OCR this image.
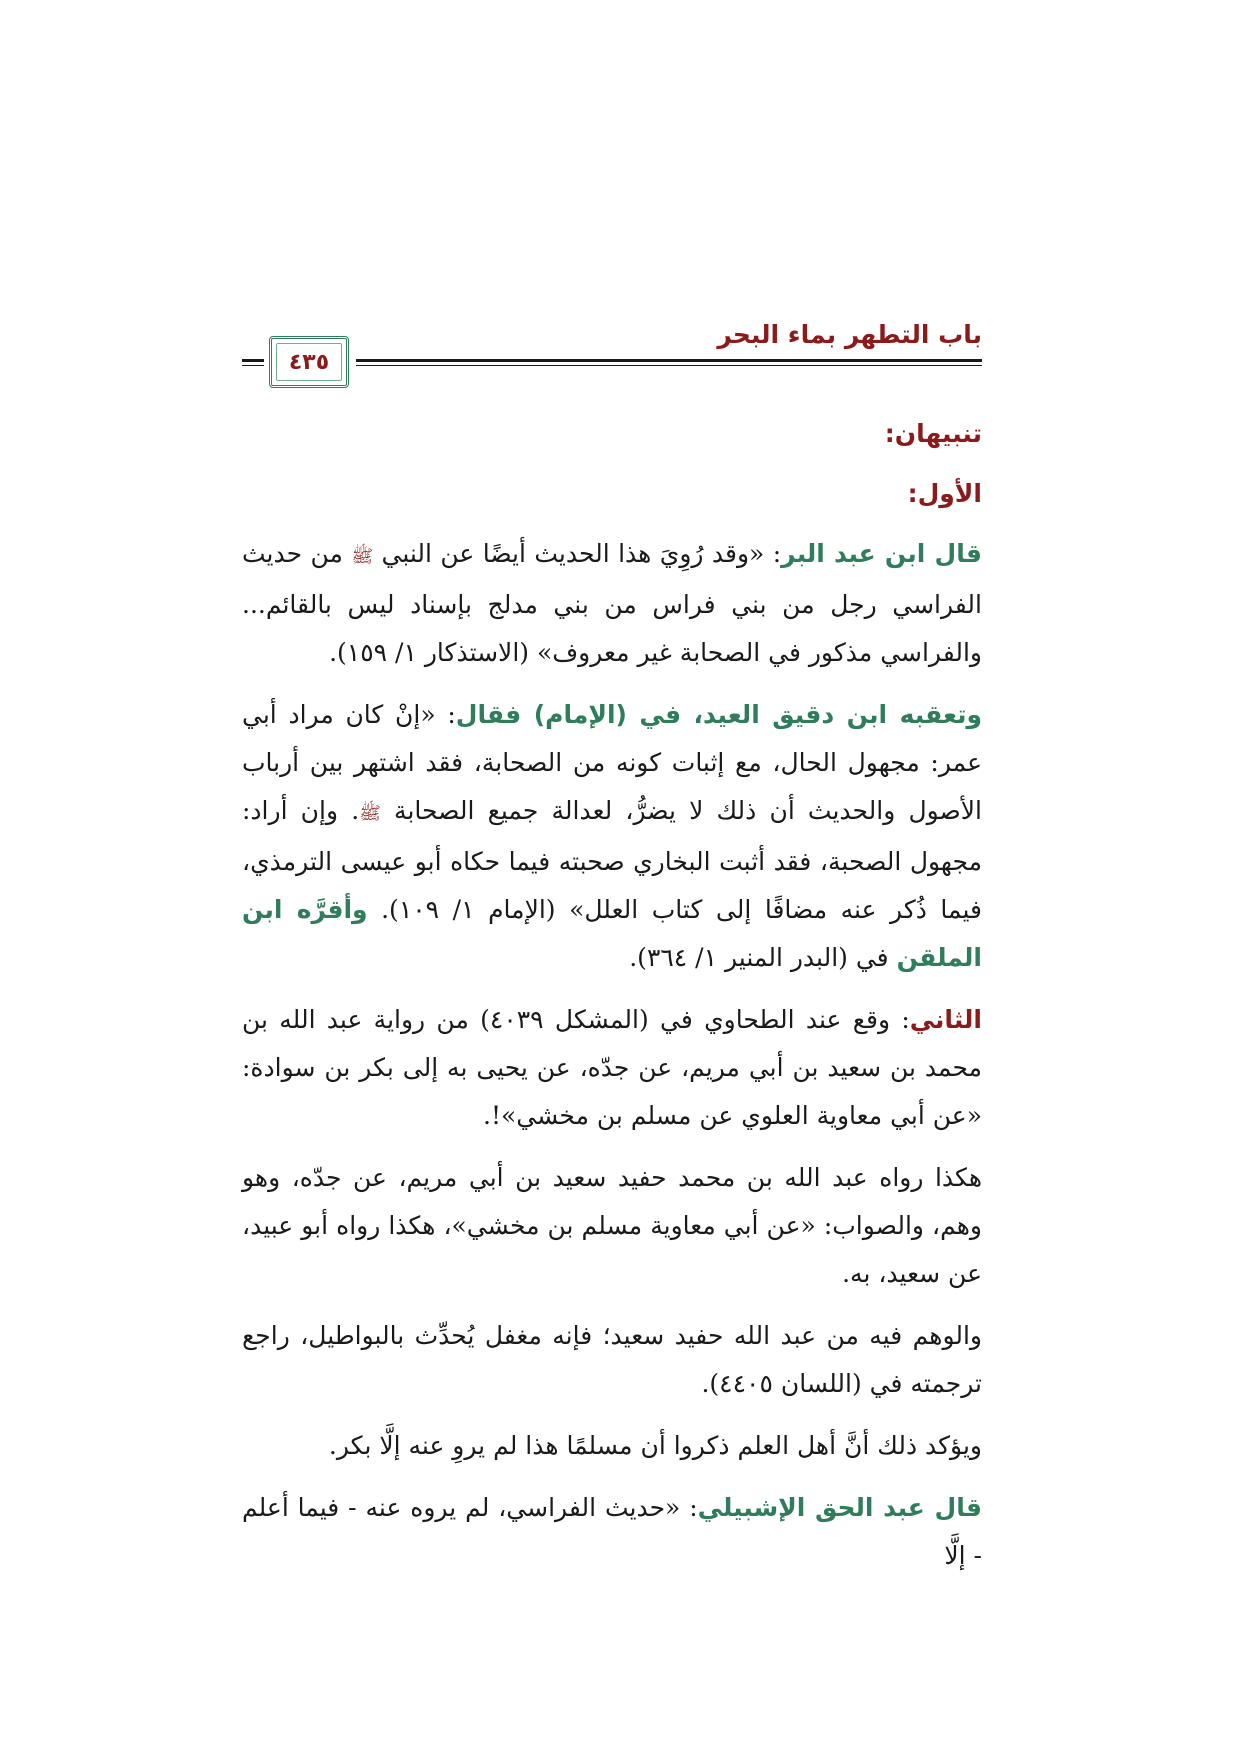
باب التطهر بماء البحر
٤٣٥
تنبيهان:
الأول:

قال ابن عبد البر: «وقد رُوِيَ هذا الحديث أيضًا عن النبي ﷺ من حديث الفراسي رجل من بني فراس من بني مدلج بإسناد ليس بالقائم... والفراسي مذكور في الصحابة غير معروف» (الاستذكار ١/ ١٥٩).

وتعقبه ابن دقيق العيد، في (الإمام) فقال: «إنْ كان مراد أبي عمر: مجهول الحال، مع إثبات كونه من الصحابة، فقد اشتهر بين أرباب الأصول والحديث أن ذلك لا يضرُّ، لعدالة جميع الصحابة ﷺ. وإن أراد: مجهول الصحبة، فقد أثبت البخاري صحبته فيما حكاه أبو عيسى الترمذي، فيما ذُكر عنه مضافًا إلى كتاب العلل» (الإمام ١/ ١٠٩). وأقرَّه ابن الملقن في (البدر المنير ١/ ٣٦٤).

الثاني: وقع عند الطحاوي في (المشكل ٤٠٣٩) من رواية عبد الله بن محمد بن سعيد بن أبي مريم، عن جدّه، عن يحيى به إلى بكر بن سوادة: «عن أبي معاوية العلوي عن مسلم بن مخشي»!.

هكذا رواه عبد الله بن محمد حفيد سعيد بن أبي مريم، عن جدّه، وهو وهم، والصواب: «عن أبي معاوية مسلم بن مخشي»، هكذا رواه أبو عبيد، عن سعيد، به.

والوهم فيه من عبد الله حفيد سعيد؛ فإنه مغفل يُحدِّث بالبواطيل، راجع ترجمته في (اللسان ٤٤٠٥).

ويؤكد ذلك أنَّ أهل العلم ذكروا أن مسلمًا هذا لم يروِ عنه إلَّا بكر.

قال عبد الحق الإشبيلي: «حديث الفراسي، لم يروه عنه - فيما أعلم - إلَّا
